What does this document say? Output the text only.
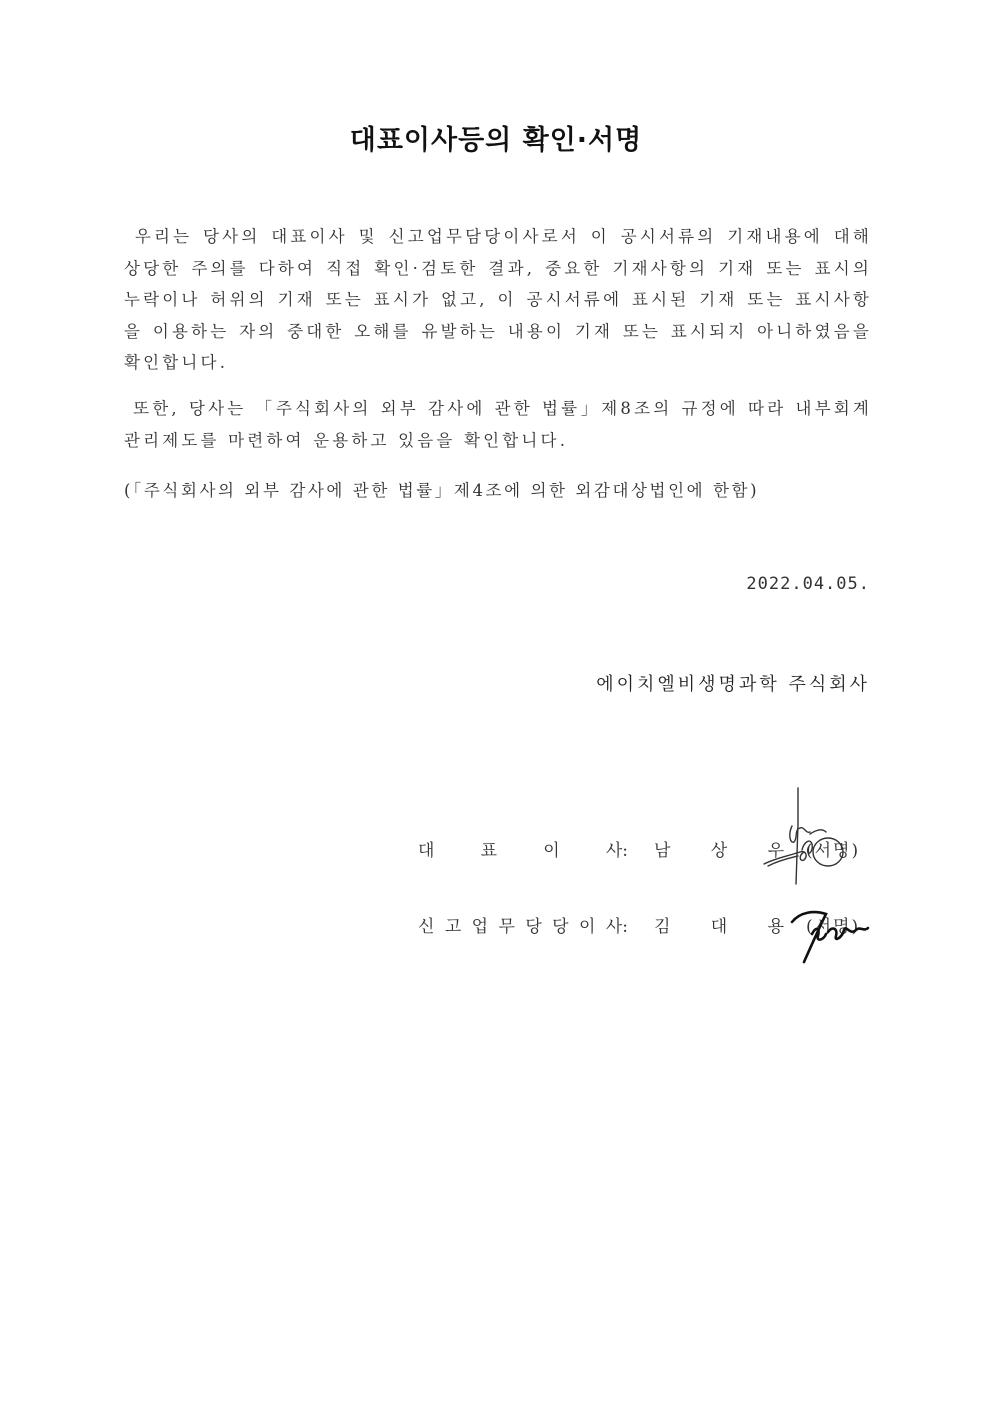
대표이사등의 확인·서명
우리는 당사의 대표이사 및 신고업무담당이사로서 이 공시서류의 기재내용에 대해 상당한 주의를 다하여 직접 확인·검토한 결과, 중요한 기재사항의 기재 또는 표시의 누락이나 허위의 기재 또는 표시가 없고, 이 공시서류에 표시된 기재 또는 표시사항을 이용하는 자의 중대한 오해를 유발하는 내용이 기재 또는 표시되지 아니하였음을 확인합니다.
또한, 당사는 「주식회사의 외부 감사에 관한 법률」제8조의 규정에 따라 내부회계관리제도를 마련하여 운용하고 있음을 확인합니다.
(「주식회사의 외부 감사에 관한 법률」제4조에 의한 외감대상법인에 한함)
2022.04.05.
에이치엘비생명과학 주식회사
대	표	이	사: 남 상 우 (서명)
신 고 업 무 당 당 이 사: 김 대 용 (서명)
